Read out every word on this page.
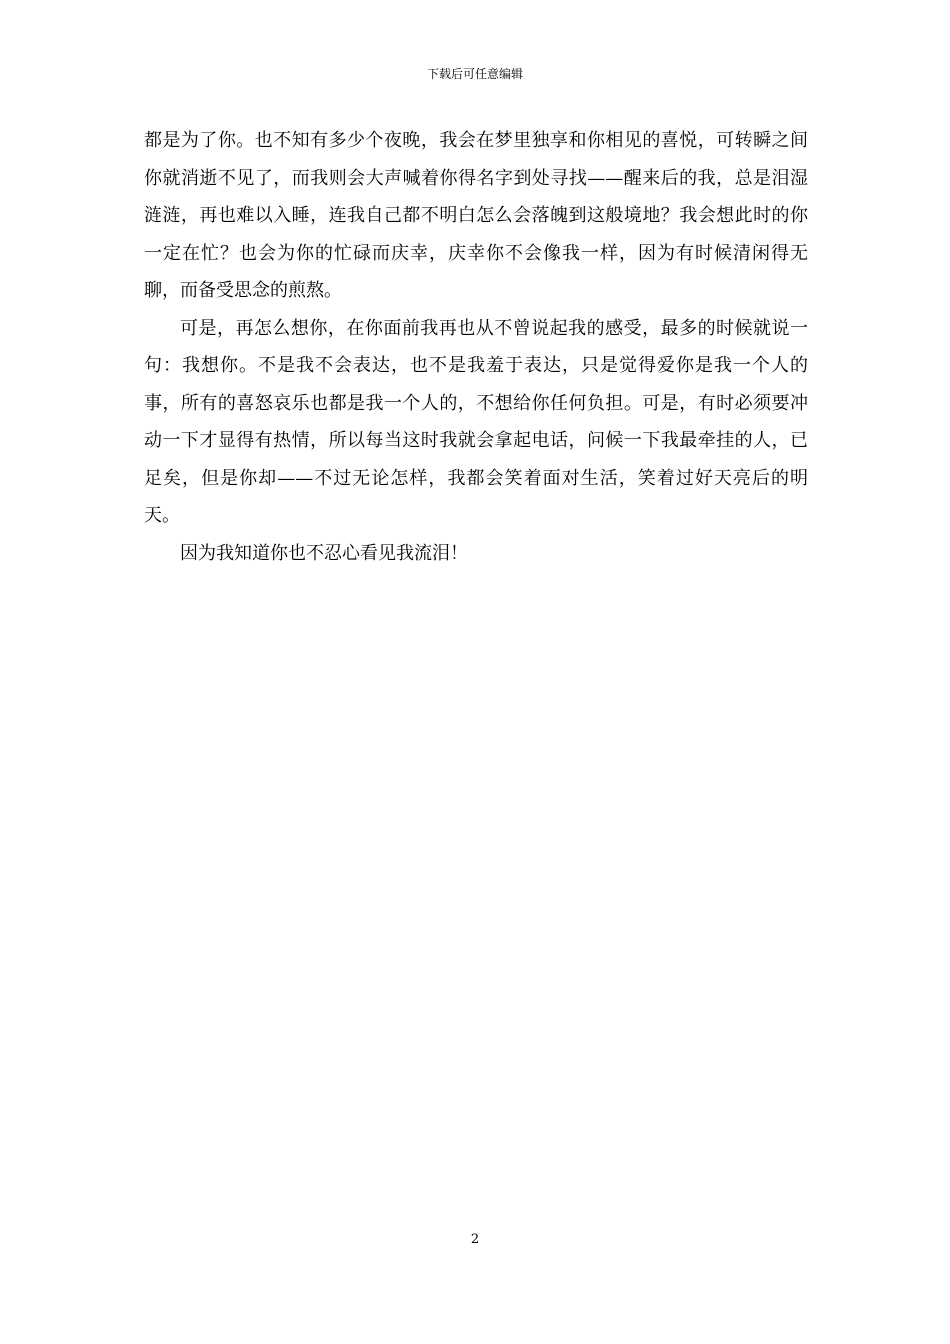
下载后可任意编辑

都是为了你。也不知有多少个夜晚，我会在梦里独享和你相见的喜悦，可转瞬之间你就消逝不见了，而我则会大声喊着你得名字到处寻找——醒来后的我，总是泪湿涟涟，再也难以入睡，连我自己都不明白怎么会落魄到这般境地？我会想此时的你一定在忙？也会为你的忙碌而庆幸，庆幸你不会像我一样，因为有时候清闲得无聊，而备受思念的煎熬。

可是，再怎么想你，在你面前我再也从不曾说起我的感受，最多的时候就说一句：我想你。不是我不会表达，也不是我羞于表达，只是觉得爱你是我一个人的事，所有的喜怒哀乐也都是我一个人的，不想给你任何负担。可是，有时必须要冲动一下才显得有热情，所以每当这时我就会拿起电话，问候一下我最牵挂的人，已足矣，但是你却——不过无论怎样，我都会笑着面对生活，笑着过好天亮后的明天。

因为我知道你也不忍心看见我流泪！

2
